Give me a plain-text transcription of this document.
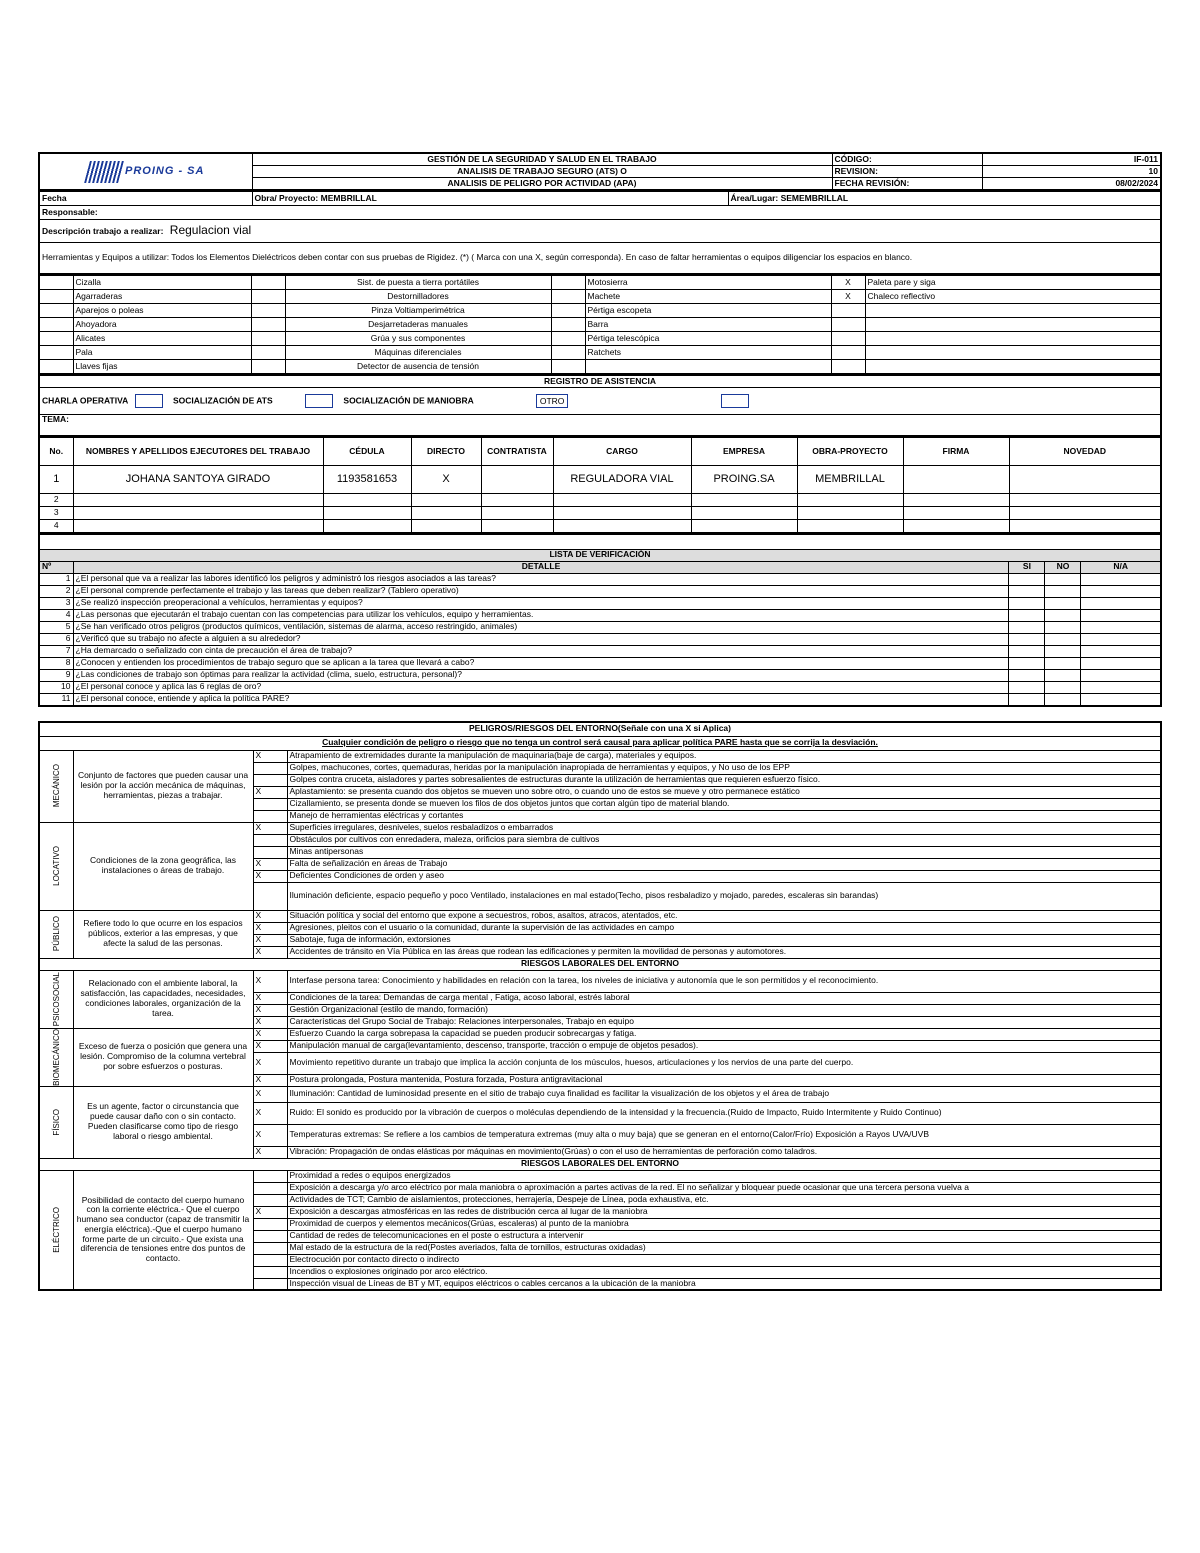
PROING - SA	GESTIÓN DE LA SEGURIDAD Y SALUD EN EL TRABAJO	CÓDIGO:	IF-011
	ANALISIS DE TRABAJO SEGURO (ATS) O	REVISION:	10
	ANALISIS DE PELIGRO POR ACTIVIDAD (APA)	FECHA REVISIÓN:	08/02/2024
Fecha	Obra/ Proyecto: MEMBRILLAL	Área/Lugar: SEMEMBRILLAL
Responsable:
Descripción trabajo a realizar: Regulacion vial
Herramientas y Equipos a utilizar: Todos los Elementos Dieléctricos deben contar con sus pruebas de Rigidez. (*) ( Marca con una X, según corresponda). En caso de faltar herramientas o equipos diligenciar los espacios en blanco.
	Cizalla		Sist. de puesta a tierra portátiles		Motosierra	X	Paleta pare y siga
	Agarraderas		Destornilladores		Machete	X	Chaleco reflectivo
	Aparejos o poleas		Pinza Voltiamperimétrica		Pértiga escopeta		
	Ahoyadora		Desjarretaderas manuales		Barra		
	Alicates		Grúa y sus componentes		Pértiga telescópica		
	Pala		Máquinas diferenciales		Ratchets		
	Llaves fijas		Detector de ausencia de tensión				
REGISTRO DE ASISTENCIA
CHARLA OPERATIVA	SOCIALIZACIÓN DE ATS	SOCIALIZACIÓN DE MANIOBRA	OTRO
TEMA:
No.	NOMBRES Y APELLIDOS EJECUTORES DEL TRABAJO	CÉDULA	DIRECTO	CONTRATISTA	CARGO	EMPRESA	OBRA-PROYECTO	FIRMA	NOVEDAD
1	JOHANA SANTOYA GIRADO	1193581653	X		REGULADORA VIAL	PROING.SA	MEMBRILLAL		
2									
3									
4									

LISTA DE VERIFICACIÓN				
Nº	DETALLE	SI	NO	N/A
1	¿El personal que va a realizar las labores identificó los peligros y administró los riesgos asociados a las tareas?			
2	¿El personal comprende perfectamente el trabajo y las tareas que deben realizar? (Tablero operativo)			
3	¿Se realizó inspección preoperacional a vehículos, herramientas y equipos?			
4	¿Las personas que ejecutarán el trabajo cuentan con las competencias para utilizar los vehículos, equipo y herramientas.			
5	¿Se han verificado otros peligros (productos químicos, ventilación, sistemas de alarma, acceso restringido, animales)			
6	¿Verificó que su trabajo no afecte a alguien a su alrededor?			
7	¿Ha demarcado o señalizado con cinta de precaución el área de trabajo?			
8	¿Conocen y entienden los procedimientos de trabajo seguro que se aplican a la tarea que llevará a cabo?			
9	¿Las condiciones de trabajo son óptimas para realizar la actividad (clima, suelo, estructura, personal)?			
10	¿El personal conoce y aplica las 6 reglas de oro?			
11	¿El personal conoce, entiende y aplica la política PARE?			
PELIGROS/RIESGOS DEL ENTORNO(Señale con una X si Aplica)			
Cualquier condición de peligro o riesgo que no tenga un control será causal para aplicar política PARE hasta que se corrija la desviación.			

MECÁNICO	Conjunto de factores que pueden causar una lesión por la acción mecánica de máquinas, herramientas, piezas a trabajar.	X	Atrapamiento de extremidades durante la manipulación de maquinaria(baje de carga), materiales y equipos.
			Golpes, machucones, cortes, quemaduras, heridas por la manipulación inapropiada de herramientas y equipos, y No uso de los EPP
			Golpes contra cruceta, aisladores y partes sobresalientes de estructuras durante la utilización de herramientas que requieren esfuerzo físico.
		X	Aplastamiento: se presenta cuando dos objetos se mueven uno sobre otro, o cuando uno de estos se mueve y otro permanece estático
			Cizallamiento, se presenta donde se mueven los filos de dos objetos juntos que cortan algún tipo de material blando.
			Manejo de herramientas eléctricas y cortantes

LOCATIVO	Condiciones de la zona geográfica, las instalaciones o áreas de trabajo.	X	Superficies irregulares, desniveles, suelos resbaladizos o embarrados
			Obstáculos por cultivos con enredadera, maleza, orificios para siembra de cultivos
			Minas antipersonas
		X	Falta de señalización en áreas de Trabajo
		X	Deficientes Condiciones de orden y aseo
			Iluminación deficiente, espacio pequeño y poco Ventilado, instalaciones en mal estado(Techo, pisos resbaladizo y mojado, paredes, escaleras sin barandas)

PÚBLICO	Refiere todo lo que ocurre en los espacios públicos, exterior a las empresas, y que afecte la salud de las personas.	X	Situación política y social del entorno que expone a secuestros, robos, asaltos, atracos, atentados, etc.
		X	Agresiones, pleitos con el usuario o la comunidad, durante la supervisión de las actividades en campo
		X	Sabotaje, fuga de información, extorsiones
		X	Accidentes de tránsito en Vía Pública en las áreas que rodean las edificaciones y permiten la movilidad de personas y automotores.
RIESGOS LABORALES DEL ENTORNO			

PSICOSOCIAL	Relacionado con el ambiente laboral, la satisfacción, las capacidades, necesidades, condiciones laborales, organización de la tarea.	X	Interfase persona tarea: Conocimiento y habilidades en relación con la tarea, los niveles de iniciativa y autonomía que le son permitidos y el reconocimiento.
		X	Condiciones de la tarea: Demandas de carga mental , Fatiga, acoso laboral, estrés laboral
		X	Gestión Organizacional (estilo de mando, formación)
		X	Características del Grupo Social de Trabajo: Relaciones interpersonales, Trabajo en equipo

BIOMECÁNICO	Exceso de fuerza o posición que genera una lesión. Compromiso de la columna vertebral por sobre esfuerzos o posturas.	X	Esfuerzo Cuando la carga sobrepasa la capacidad se pueden producir sobrecargas y fatiga.
		X	Manipulación manual de carga(levantamiento, descenso, transporte, tracción o empuje de objetos pesados).
		X	Movimiento repetitivo durante un trabajo que implica la acción conjunta de los músculos, huesos, articulaciones y los nervios de una parte del cuerpo.
		X	Postura prolongada, Postura mantenida, Postura forzada, Postura antigravitacional

FÍSICO	Es un agente, factor o circunstancia que puede causar daño con o sin contacto. Pueden clasificarse como tipo de riesgo laboral o riesgo ambiental.	X	Iluminación: Cantidad de luminosidad presente en el sitio de trabajo cuya finalidad es facilitar la visualización de los objetos y el área de trabajo
		X	Ruido: El sonido es producido por la vibración de cuerpos o moléculas dependiendo de la intensidad y la frecuencia.(Ruido de Impacto, Ruido Intermitente y Ruido Continuo)
		X	Temperaturas extremas: Se refiere a los cambios de temperatura extremas (muy alta o muy baja) que se generan en el entorno(Calor/Frío) Exposición a Rayos UVA/UVB
		X	Vibración: Propagación de ondas elásticas por máquinas en movimiento(Grúas) o con el uso de herramientas de perforación como taladros.
RIESGOS LABORALES DEL ENTORNO			

ELÉCTRICO	Posibilidad de contacto del cuerpo humano con la corriente eléctrica.- Que el cuerpo humano sea conductor (capaz de transmitir la energía eléctrica).-Que el cuerpo humano forme parte de un circuito.- Que exista una diferencia de tensiones entre dos puntos de contacto.		Proximidad a redes o equipos energizados
			Exposición a descarga y/o arco eléctrico por mala maniobra o aproximación a partes activas de la red. El no señalizar y bloquear puede ocasionar que una tercera persona vuelva a
			Actividades de TCT; Cambio de aislamientos, protecciones, herrajería, Despeje de Línea, poda exhaustiva, etc.
		X	Exposición a descargas atmosféricas en las redes de distribución cerca al lugar de la maniobra
			Proximidad de cuerpos y elementos mecánicos(Grúas, escaleras) al punto de la maniobra
			Cantidad de redes de telecomunicaciones en el poste o estructura a intervenir
			Mal estado de la estructura de la red(Postes averiados, falta de tornillos, estructuras oxidadas)
			Electrocución por contacto directo o indirecto
			Incendios o explosiones originado por arco eléctrico.
			Inspección visual de Líneas de BT y MT, equipos eléctricos o cables cercanos a la ubicación de la maniobra
